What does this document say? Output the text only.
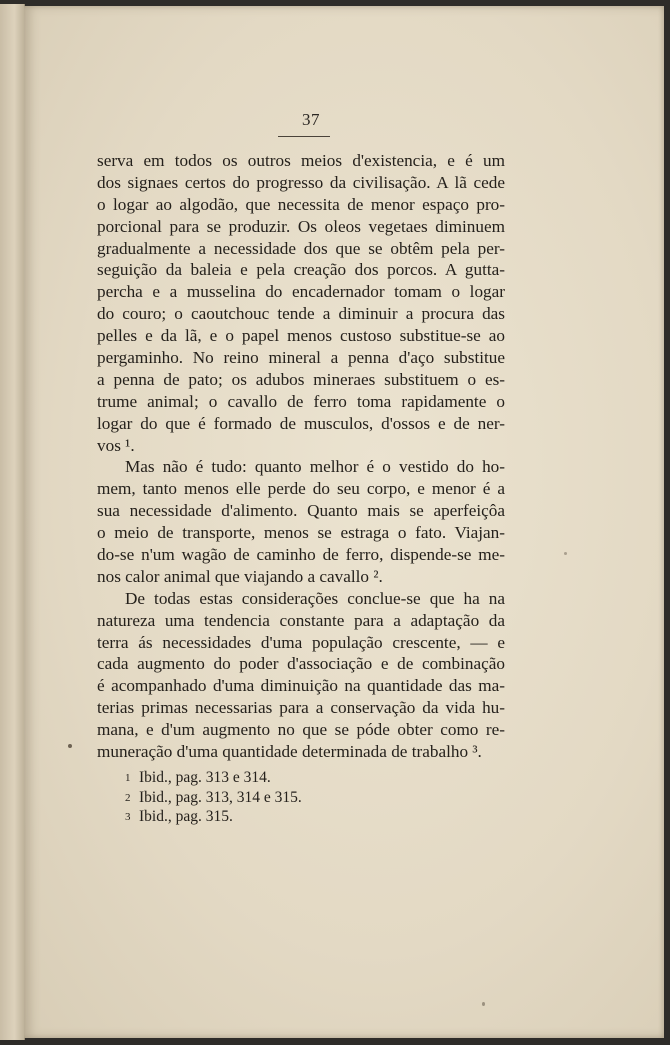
37
serva em todos os outros meios d'existencia, e é um
dos signaes certos do progresso da civilisação. A lã cede
o logar ao algodão, que necessita de menor espaço pro-
porcional para se produzir. Os oleos vegetaes diminuem
gradualmente a necessidade dos que se obtêm pela per-
seguição da baleia e pela creação dos porcos. A gutta-
percha e a musselina do encadernador tomam o logar
do couro; o caoutchouc tende a diminuir a procura das
pelles e da lã, e o papel menos custoso substitue-se ao
pergaminho. No reino mineral a penna d'aço substitue
a penna de pato; os adubos mineraes substituem o es-
trume animal; o cavallo de ferro toma rapidamente o
logar do que é formado de musculos, d'ossos e de ner-
vos ¹.
Mas não é tudo: quanto melhor é o vestido do ho-
mem, tanto menos elle perde do seu corpo, e menor é a
sua necessidade d'alimento. Quanto mais se aperfeiçôa
o meio de transporte, menos se estraga o fato. Viajan-
do-se n'um wagão de caminho de ferro, dispende-se me-
nos calor animal que viajando a cavallo ².
De todas estas considerações conclue-se que ha na
natureza uma tendencia constante para a adaptação da
terra ás necessidades d'uma população crescente, — e
cada augmento do poder d'associação e de combinação
é acompanhado d'uma diminuição na quantidade das ma-
terias primas necessarias para a conservação da vida hu-
mana, e d'um augmento no que se póde obter como re-
muneração d'uma quantidade determinada de trabalho ³.
1 Ibid., pag. 313 e 314.
2 Ibid., pag. 313, 314 e 315.
3 Ibid., pag. 315.
